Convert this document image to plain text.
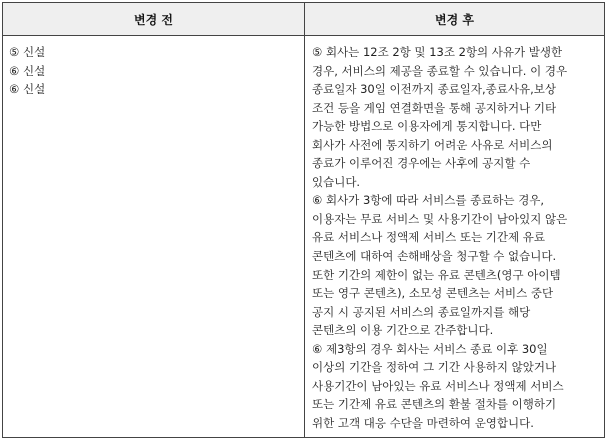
변경 전	변경 후
⑤ 신설
⑥ 신설
⑥ 신설
⑤ 회사는 12조 2항 및 13조 2항의 사유가 발생한
경우, 서비스의 제공을 종료할 수 있습니다. 이 경우
종료일자 30일 이전까지 종료일자,종료사유,보상
조건 등을 게임 연결화면을 통해 공지하거나 기타
가능한 방법으로 이용자에게 통지합니다. 다만
회사가 사전에 통지하기 어려운 사유로 서비스의
종료가 이루어진 경우에는 사후에 공지할 수
있습니다.
⑥ 회사가 3항에 따라 서비스를 종료하는 경우,
이용자는 무료 서비스 및 사용기간이 남아있지 않은
유료 서비스나 정액제 서비스 또는 기간제 유료
콘텐츠에 대하여 손해배상을 청구할 수 없습니다.
또한 기간의 제한이 없는 유료 콘텐츠(영구 아이템
또는 영구 콘텐츠), 소모성 콘텐츠는 서비스 중단
공지 시 공지된 서비스의 종료일까지를 해당
콘텐츠의 이용 기간으로 간주합니다.
⑥ 제3항의 경우 회사는 서비스 종료 이후 30일
이상의 기간을 정하여 그 기간 사용하지 않았거나
사용기간이 남아있는 유료 서비스나 정액제 서비스
또는 기간제 유료 콘텐츠의 환불 절차를 이행하기
위한 고객 대응 수단을 마련하여 운영합니다.
